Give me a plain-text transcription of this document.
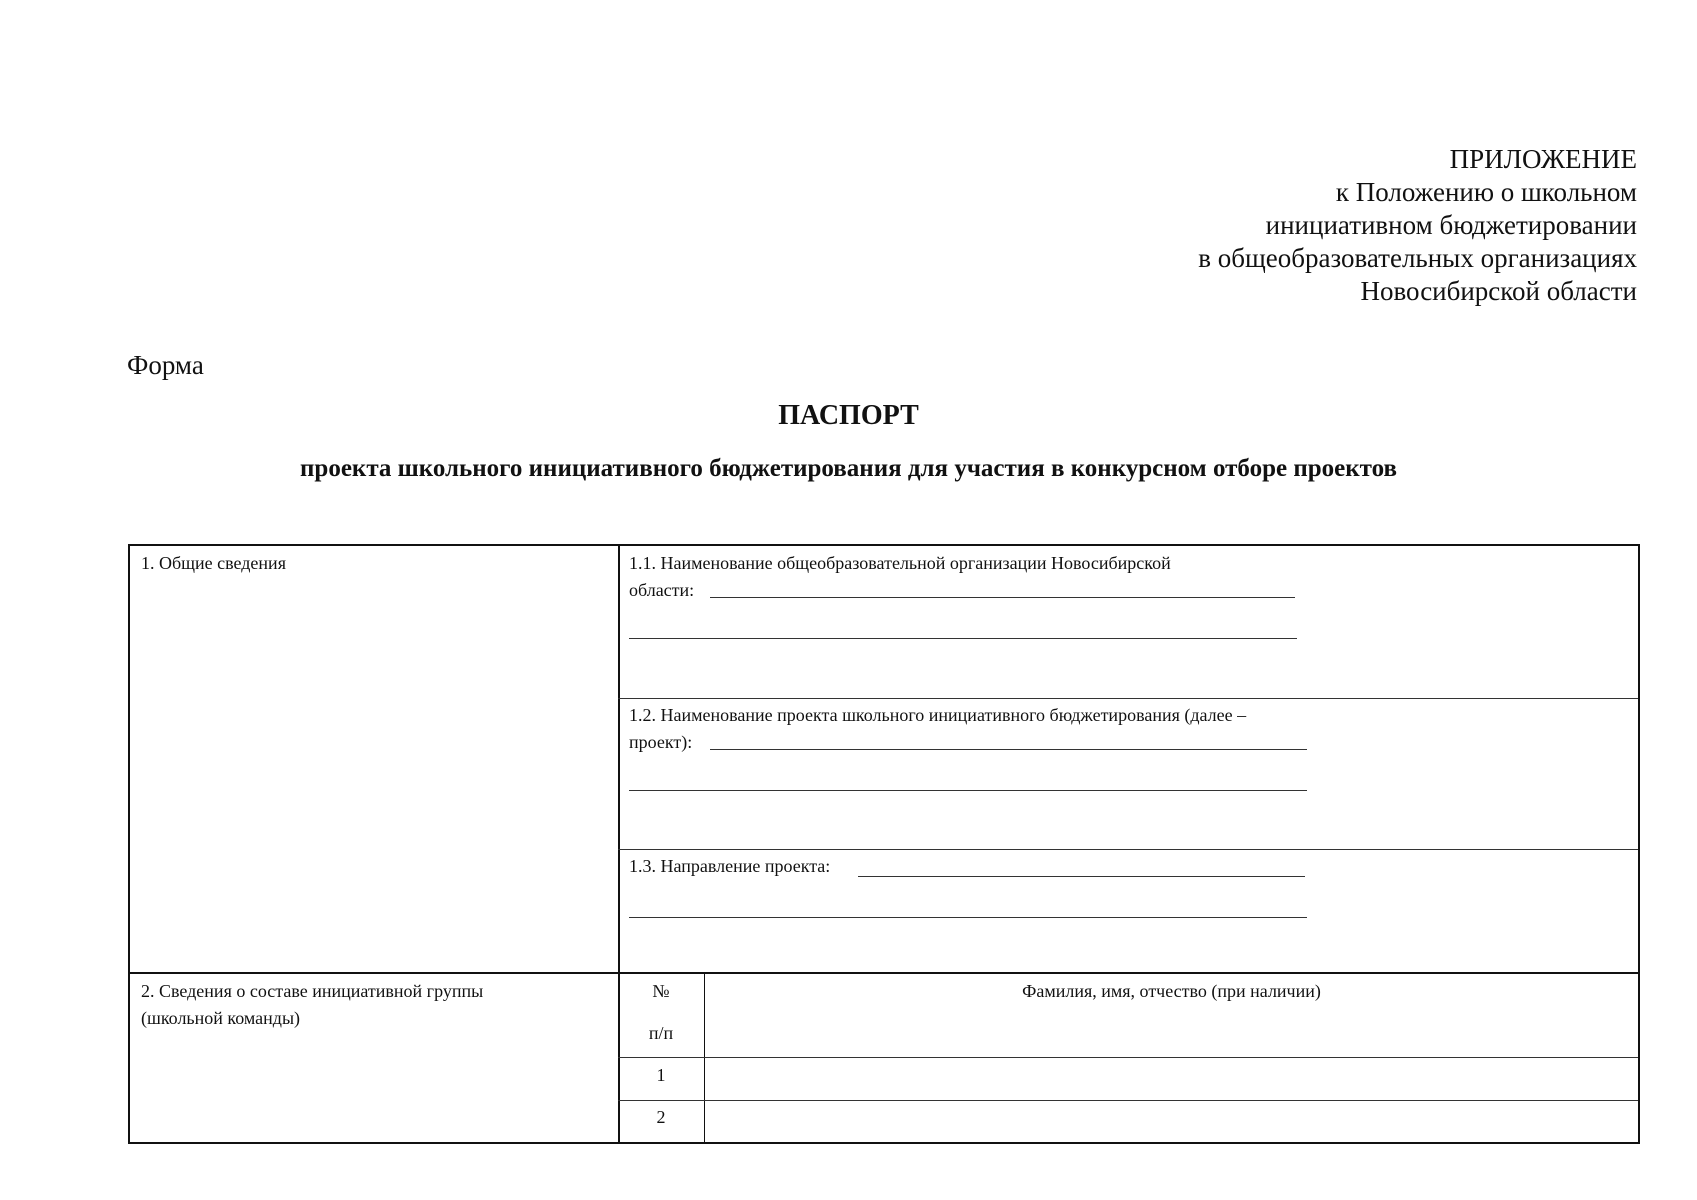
ПРИЛОЖЕНИЕ
к Положению о школьном
инициативном бюджетировании
в общеобразовательных организациях
Новосибирской области
Форма
ПАСПОРТ
проекта школьного инициативного бюджетирования для участия в конкурсном отборе проектов
1. Общие сведения	1.1. Наименование общеобразовательной организации Новосибирской
области:
1.2. Наименование проекта школьного инициативного бюджетирования (далее –
проект):
1.3. Направление проекта:
2. Сведения о составе инициативной группы
(школьной команды)
№
п/п
Фамилия, имя, отчество (при наличии)
1
2
